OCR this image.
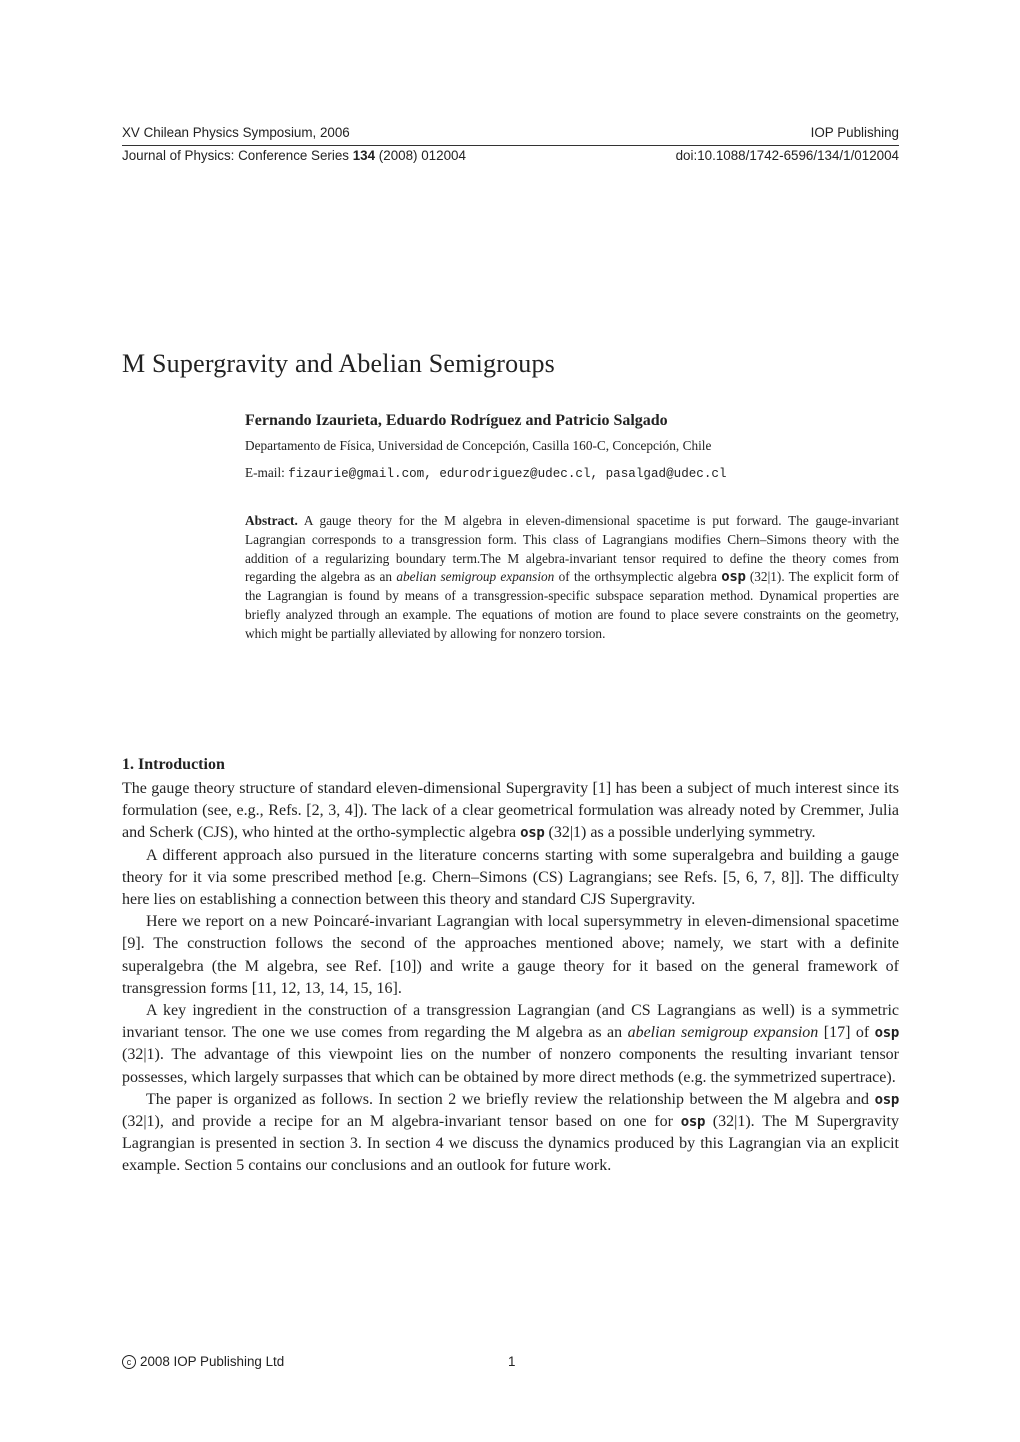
XV Chilean Physics Symposium, 2006	IOP Publishing
Journal of Physics: Conference Series 134 (2008) 012004	doi:10.1088/1742-6596/134/1/012004
M Supergravity and Abelian Semigroups
Fernando Izaurieta, Eduardo Rodríguez and Patricio Salgado
Departamento de Física, Universidad de Concepción, Casilla 160-C, Concepción, Chile
E-mail: fizaurie@gmail.com, edurodriguez@udec.cl, pasalgad@udec.cl
Abstract. A gauge theory for the M algebra in eleven-dimensional spacetime is put forward. The gauge-invariant Lagrangian corresponds to a transgression form. This class of Lagrangians modifies Chern–Simons theory with the addition of a regularizing boundary term.The M algebra-invariant tensor required to define the theory comes from regarding the algebra as an abelian semigroup expansion of the orthsymplectic algebra osp (32|1). The explicit form of the Lagrangian is found by means of a transgression-specific subspace separation method. Dynamical properties are briefly analyzed through an example. The equations of motion are found to place severe constraints on the geometry, which might be partially alleviated by allowing for nonzero torsion.
1. Introduction

The gauge theory structure of standard eleven-dimensional Supergravity [1] has been a subject of much interest since its formulation (see, e.g., Refs. [2, 3, 4]). The lack of a clear geometrical formulation was already noted by Cremmer, Julia and Scherk (CJS), who hinted at the ortho-symplectic algebra osp (32|1) as a possible underlying symmetry.

A different approach also pursued in the literature concerns starting with some superalgebra and building a gauge theory for it via some prescribed method [e.g. Chern–Simons (CS) Lagrangians; see Refs. [5, 6, 7, 8]]. The difficulty here lies on establishing a connection between this theory and standard CJS Supergravity.

Here we report on a new Poincaré-invariant Lagrangian with local supersymmetry in eleven-dimensional spacetime [9]. The construction follows the second of the approaches mentioned above; namely, we start with a definite superalgebra (the M algebra, see Ref. [10]) and write a gauge theory for it based on the general framework of transgression forms [11, 12, 13, 14, 15, 16].

A key ingredient in the construction of a transgression Lagrangian (and CS Lagrangians as well) is a symmetric invariant tensor. The one we use comes from regarding the M algebra as an abelian semigroup expansion [17] of osp (32|1). The advantage of this viewpoint lies on the number of nonzero components the resulting invariant tensor possesses, which largely surpasses that which can be obtained by more direct methods (e.g. the symmetrized supertrace).

The paper is organized as follows. In section 2 we briefly review the relationship between the M algebra and osp (32|1), and provide a recipe for an M algebra-invariant tensor based on one for osp (32|1). The M Supergravity Lagrangian is presented in section 3. In section 4 we discuss the dynamics produced by this Lagrangian via an explicit example. Section 5 contains our conclusions and an outlook for future work.

c 2008 IOP Publishing Ltd	1
